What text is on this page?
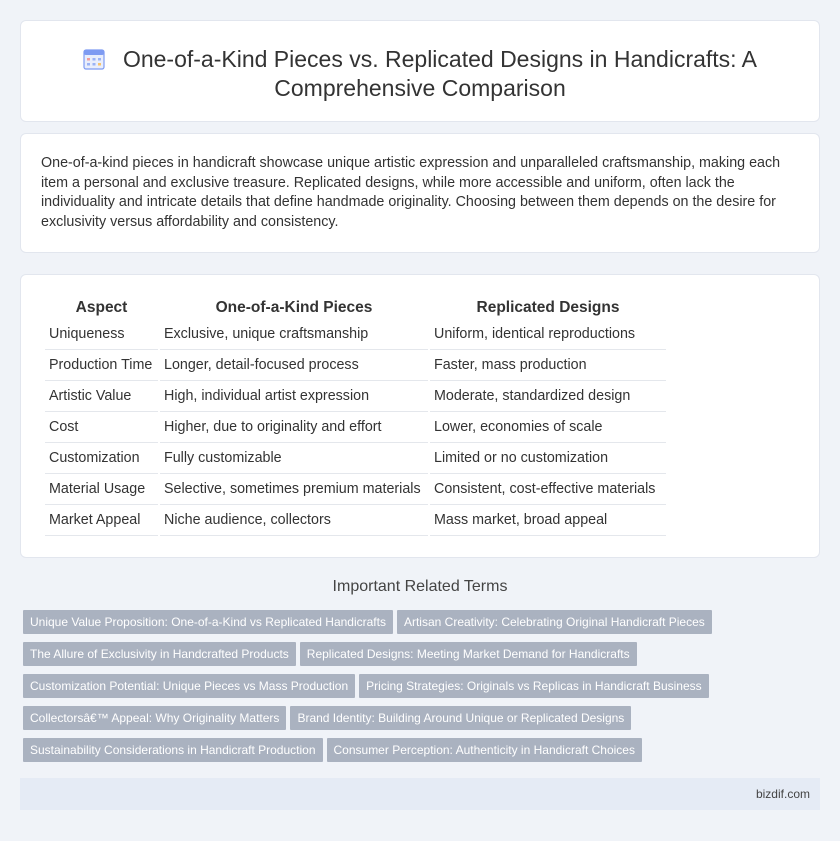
One-of-a-Kind Pieces vs. Replicated Designs in Handicrafts: A Comprehensive Comparison

One-of-a-kind pieces in handicraft showcase unique artistic expression and unparalleled craftsmanship, making each item a personal and exclusive treasure. Replicated designs, while more accessible and uniform, often lack the individuality and intricate details that define handmade originality. Choosing between them depends on the desire for exclusivity versus affordability and consistency.

Aspect	One-of-a-Kind Pieces	Replicated Designs
Uniqueness	Exclusive, unique craftsmanship	Uniform, identical reproductions
Production Time	Longer, detail-focused process	Faster, mass production
Artistic Value	High, individual artist expression	Moderate, standardized design
Cost	Higher, due to originality and effort	Lower, economies of scale
Customization	Fully customizable	Limited or no customization
Material Usage	Selective, sometimes premium materials	Consistent, cost-effective materials
Market Appeal	Niche audience, collectors	Mass market, broad appeal
Important Related Terms
Unique Value Proposition: One-of-a-Kind vs Replicated Handicrafts Artisan Creativity: Celebrating Original Handicraft Pieces
The Allure of Exclusivity in Handcrafted Products Replicated Designs: Meeting Market Demand for Handicrafts
Customization Potential: Unique Pieces vs Mass Production Pricing Strategies: Originals vs Replicas in Handicraft Business
Collectorsâ€™ Appeal: Why Originality Matters Brand Identity: Building Around Unique or Replicated Designs
Sustainability Considerations in Handicraft Production Consumer Perception: Authenticity in Handicraft Choices
bizdif.com
